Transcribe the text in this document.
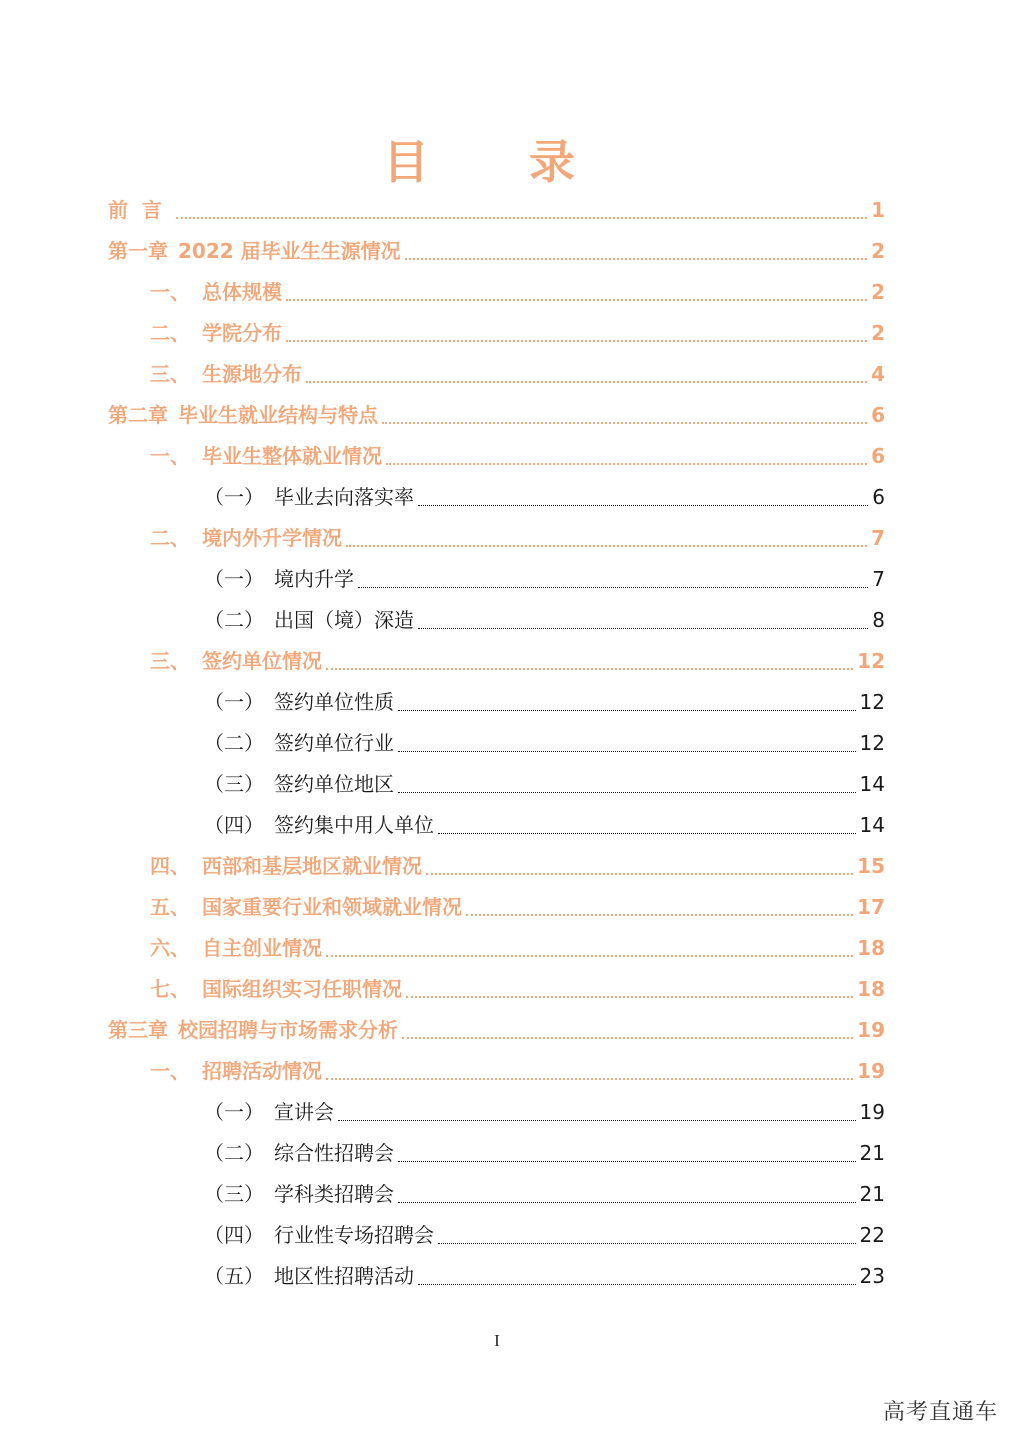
目 录
前  言	1
第一章 2022 届毕业生生源情况	2
一、 总体规模	2
二、 学院分布	2
三、 生源地分布	4
第二章 毕业生就业结构与特点	6
一、 毕业生整体就业情况	6
（一） 毕业去向落实率	6
二、 境内外升学情况	7
（一） 境内升学	7
（二） 出国（境）深造	8
三、 签约单位情况	12
（一） 签约单位性质	12
（二） 签约单位行业	12
（三） 签约单位地区	14
（四） 签约集中用人单位	14
四、 西部和基层地区就业情况	15
五、 国家重要行业和领域就业情况	17
六、 自主创业情况	18
七、 国际组织实习任职情况	18
第三章 校园招聘与市场需求分析	19
一、 招聘活动情况	19
（一） 宣讲会	19
（二） 综合性招聘会	21
（三） 学科类招聘会	21
（四） 行业性专场招聘会	22
（五） 地区性招聘活动	23
I
高考直通车
